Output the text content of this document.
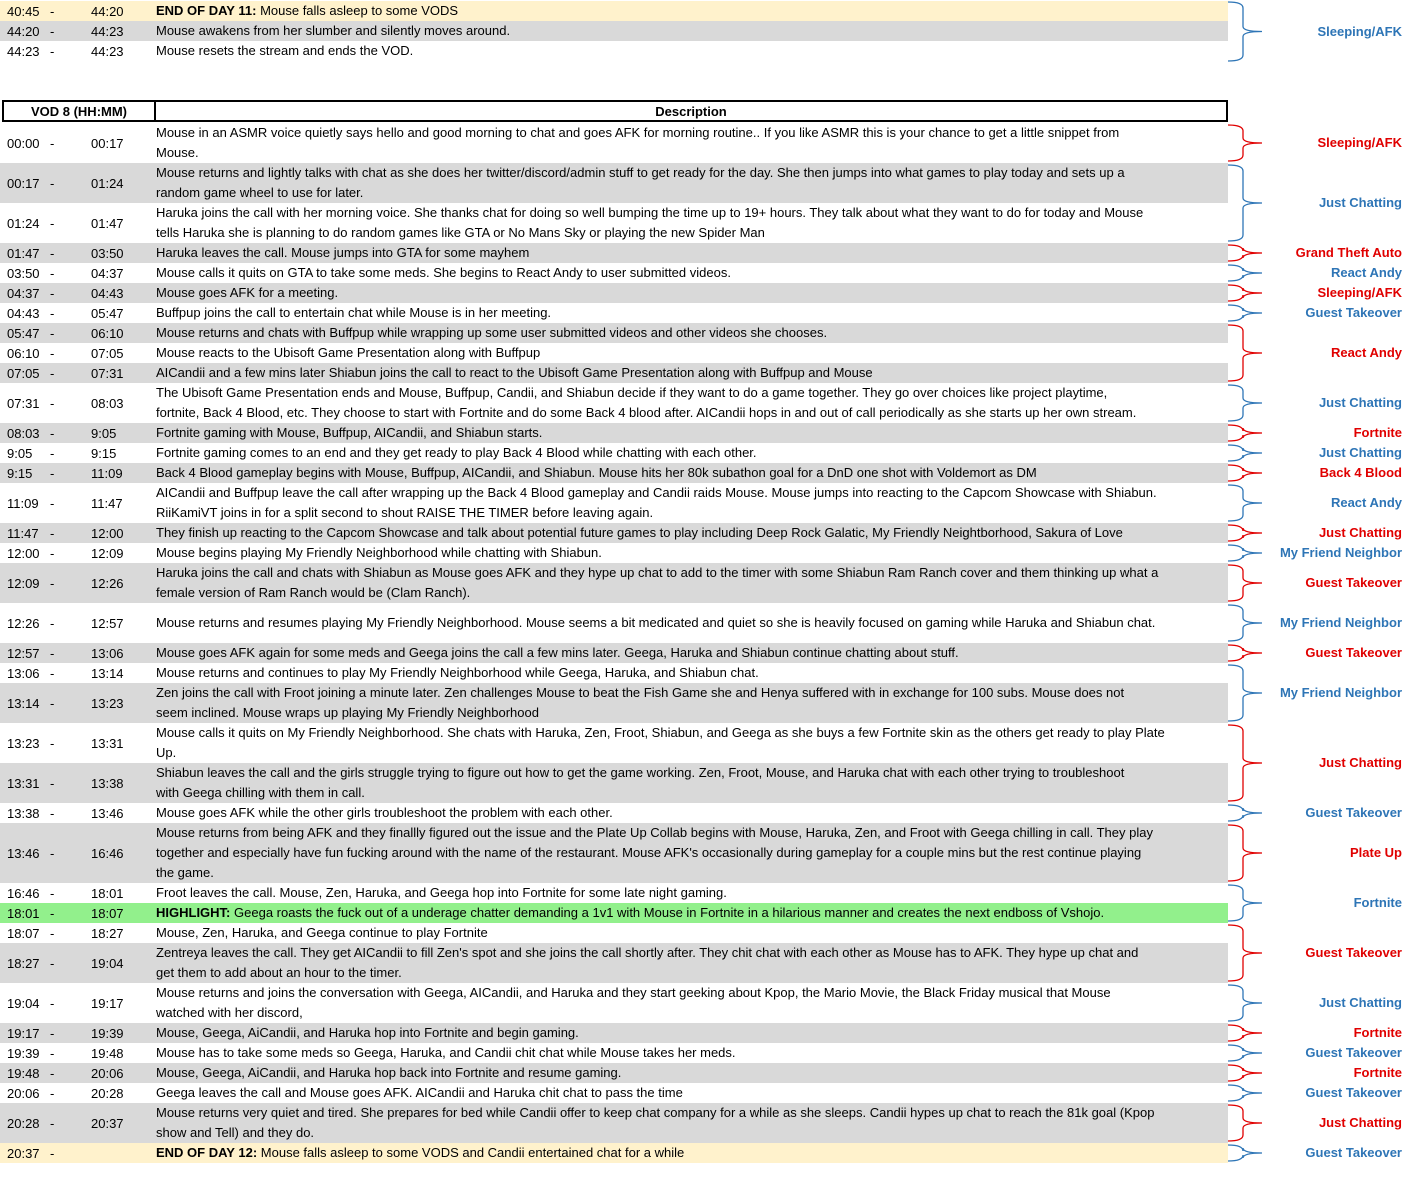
40:45 -	44:20	END OF DAY 11: Mouse falls asleep to some VODS
44:20 -	44:23	Mouse awakens from her slumber and silently moves around.
44:23 -	44:23	Mouse resets the stream and ends the VOD.
VOD 8 (HH:MM)	Description
00:00 -	00:17
Mouse in an ASMR voice quietly says hello and good morning to chat and goes AFK for morning routine.. If you like ASMR this is your chance to get a little snippet from
Mouse.
00:17 -	01:24
Mouse returns and lightly talks with chat as she does her twitter/discord/admin stuff to get ready for the day. She then jumps into what games to play today and sets up a
random game wheel to use for later.
01:24 -	01:47
Haruka joins the call with her morning voice. She thanks chat for doing so well bumping the time up to 19+ hours. They talk about what they want to do for today and Mouse
tells Haruka she is planning to do random games like GTA or No Mans Sky or playing the new Spider Man
01:47 -	03:50	Haruka leaves the call. Mouse jumps into GTA for some mayhem
03:50 -	04:37	Mouse calls it quits on GTA to take some meds. She begins to React Andy to user submitted videos.
04:37 -	04:43	Mouse goes AFK for a meeting.
04:43 -	05:47	Buffpup joins the call to entertain chat while Mouse is in her meeting.
05:47 -	06:10	Mouse returns and chats with Buffpup while wrapping up some user submitted videos and other videos she chooses.
06:10 -	07:05	Mouse reacts to the Ubisoft Game Presentation along with Buffpup
07:05 -	07:31	AICandii and a few mins later Shiabun joins the call to react to the Ubisoft Game Presentation along with Buffpup and Mouse
07:31 -	08:03
The Ubisoft Game Presentation ends and Mouse, Buffpup, Candii, and Shiabun decide if they want to do a game together. They go over choices like project playtime,
fortnite, Back 4 Blood, etc. They choose to start with Fortnite and do some Back 4 blood after. AICandii hops in and out of call periodically as she starts up her own stream.
08:03 -	9:05	Fortnite gaming with Mouse, Buffpup, AICandii, and Shiabun starts.
9:05	-	9:15	Fortnite gaming comes to an end and they get ready to play Back 4 Blood while chatting with each other.
9:15	-	11:09	Back 4 Blood gameplay begins with Mouse, Buffpup, AICandii, and Shiabun. Mouse hits her 80k subathon goal for a DnD one shot with Voldemort as DM
11:09 -	11:47
AICandii and Buffpup leave the call after wrapping up the Back 4 Blood gameplay and Candii raids Mouse. Mouse jumps into reacting to the Capcom Showcase with Shiabun.
RiiKamiVT joins in for a split second to shout RAISE THE TIMER before leaving again.
11:47 -	12:00	They finish up reacting to the Capcom Showcase and talk about potential future games to play including Deep Rock Galatic, My Friendly Neightborhood, Sakura of Love
12:00 -	12:09	Mouse begins playing My Friendly Neighborhood while chatting with Shiabun.
12:09 -	12:26
Haruka joins the call and chats with Shiabun as Mouse goes AFK and they hype up chat to add to the timer with some Shiabun Ram Ranch cover and them thinking up what a
female version of Ram Ranch would be (Clam Ranch).
12:26 -	12:57	Mouse returns and resumes playing My Friendly Neighborhood. Mouse seems a bit medicated and quiet so she is heavily focused on gaming while Haruka and Shiabun chat.
12:57 -	13:06	Mouse goes AFK again for some meds and Geega joins the call a few mins later. Geega, Haruka and Shiabun continue chatting about stuff.
13:06 -	13:14	Mouse returns and continues to play My Friendly Neighborhood while Geega, Haruka, and Shiabun chat.
13:14 -	13:23
Zen joins the call with Froot joining a minute later. Zen challenges Mouse to beat the Fish Game she and Henya suffered with in exchange for 100 subs. Mouse does not
seem inclined. Mouse wraps up playing My Friendly Neighborhood
13:23 -	13:31
Mouse calls it quits on My Friendly Neighborhood. She chats with Haruka, Zen, Froot, Shiabun, and Geega as she buys a few Fortnite skin as the others get ready to play Plate
Up.
13:31 -	13:38
Shiabun leaves the call and the girls struggle trying to figure out how to get the game working. Zen, Froot, Mouse, and Haruka chat with each other trying to troubleshoot
with Geega chilling with them in call.
13:38 -	13:46	Mouse goes AFK while the other girls troubleshoot the problem with each other.
13:46 -	16:46
Mouse returns from being AFK and they finallly figured out the issue and the Plate Up Collab begins with Mouse, Haruka, Zen, and Froot with Geega chilling in call. They play
together and especially have fun fucking around with the name of the restaurant. Mouse AFK's occasionally during gameplay for a couple mins but the rest continue playing
the game.
16:46 -	18:01	Froot leaves the call. Mouse, Zen, Haruka, and Geega hop into Fortnite for some late night gaming.
18:01 -	18:07	HIGHLIGHT: Geega roasts the fuck out of a underage chatter demanding a 1v1 with Mouse in Fortnite in a hilarious manner and creates the next endboss of Vshojo.
18:07 -	18:27	Mouse, Zen, Haruka, and Geega continue to play Fortnite
18:27 -	19:04
Zentreya leaves the call. They get AICandii to fill Zen's spot and she joins the call shortly after. They chit chat with each other as Mouse has to AFK. They hype up chat and
get them to add about an hour to the timer.
19:04 -	19:17
Mouse returns and joins the conversation with Geega, AICandii, and Haruka and they start geeking about Kpop, the Mario Movie, the Black Friday musical that Mouse
watched with her discord,
19:17 -	19:39	Mouse, Geega, AiCandii, and Haruka hop into Fortnite and begin gaming.
19:39 -	19:48	Mouse has to take some meds so Geega, Haruka, and Candii chit chat while Mouse takes her meds.
19:48 -	20:06	Mouse, Geega, AiCandii, and Haruka hop back into Fortnite and resume gaming.
20:06 -	20:28	Geega leaves the call and Mouse goes AFK. AICandii and Haruka chit chat to pass the time
20:28 -	20:37
Mouse returns very quiet and tired. She prepares for bed while Candii offer to keep chat company for a while as she sleeps. Candii hypes up chat to reach the 81k goal (Kpop
show and Tell) and they do.
20:37 -	END OF DAY 12: Mouse falls asleep to some VODS and Candii entertained chat for a while
Sleeping/AFK
Sleeping/AFK
Just Chatting
Grand Theft Auto
React Andy
Sleeping/AFK
Guest Takeover
React Andy
Just Chatting
Fortnite
Just Chatting
Back 4 Blood
React Andy
Just Chatting
My Friend Neighbor
Guest Takeover
My Friend Neighbor
Guest Takeover
My Friend Neighbor
Just Chatting
Guest Takeover
Plate Up
Fortnite
Guest Takeover
Just Chatting
Fortnite
Guest Takeover
Fortnite
Guest Takeover
Just Chatting
Guest Takeover
